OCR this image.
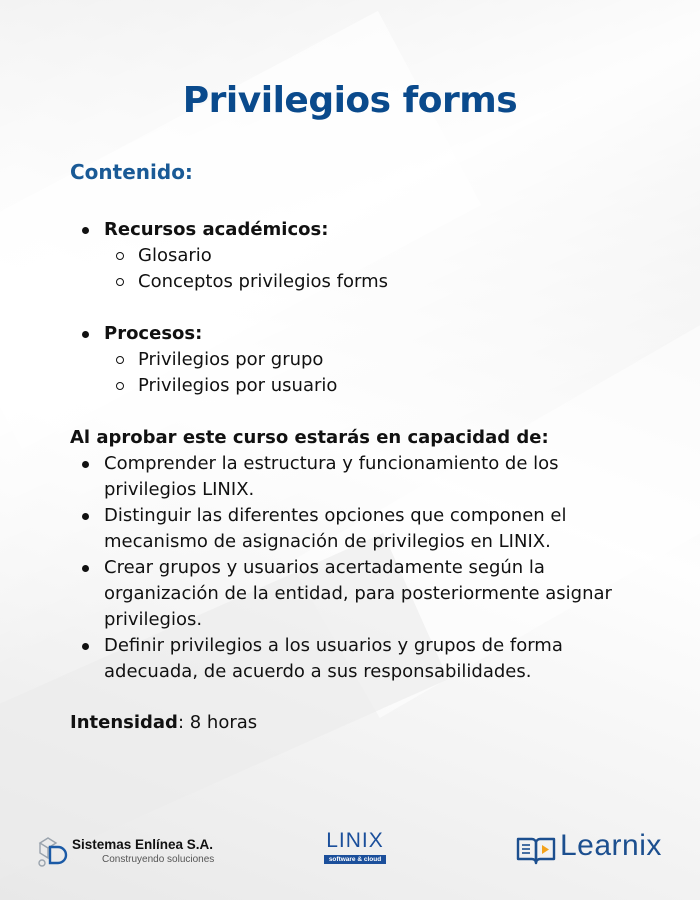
Privilegios forms
Contenido:
Recursos académicos:
Glosario
Conceptos privilegios forms
Procesos:
Privilegios por grupo
Privilegios por usuario
Al aprobar este curso estarás en capacidad de:
Comprender la estructura y funcionamiento de los
privilegios LINIX.
Distinguir las diferentes opciones que componen el
mecanismo de asignación de privilegios en LINIX.
Crear grupos y usuarios acertadamente según la
organización de la entidad, para posteriormente asignar
privilegios.
Definir privilegios a los usuarios y grupos de forma
adecuada, de acuerdo a sus responsabilidades.
Intensidad: 8 horas
Sistemas Enlínea S.A.
Construyendo soluciones
LINIX
software & cloud	Learnix
